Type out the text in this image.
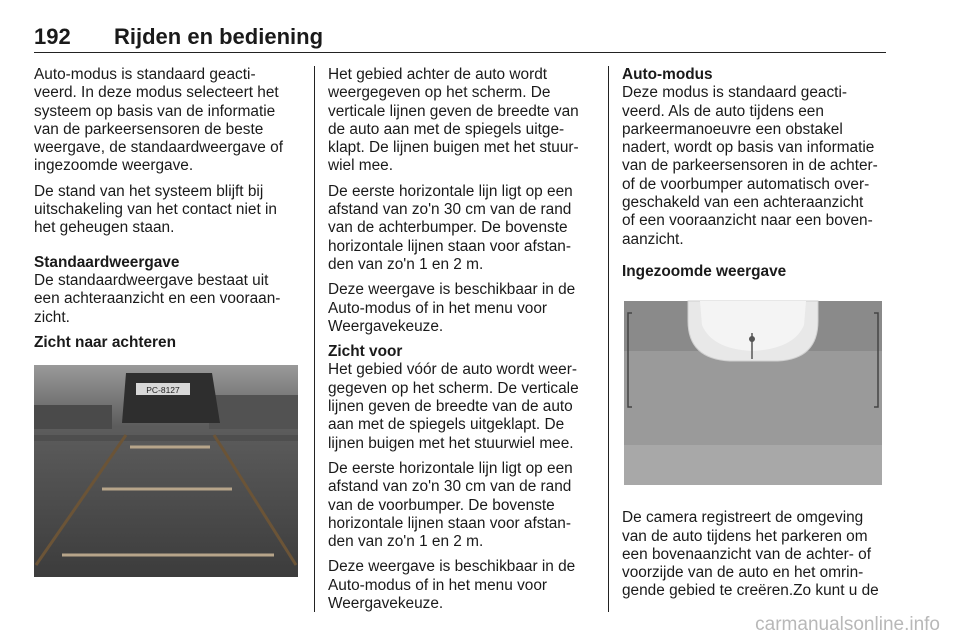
192 Rijden en bediening

Auto-modus is standaard geacti-
veerd. In deze modus selecteert het
systeem op basis van de informatie
van de parkeersensoren de beste
weergave, de standaardweergave of
ingezoomde weergave.

De stand van het systeem blijft bij
uitschakeling van het contact niet in
het geheugen staan.

Standaardweergave

De standaardweergave bestaat uit
een achteraanzicht en een vooraan-
zicht.

Zicht naar achteren

PC-8127

Het gebied achter de auto wordt
weergegeven op het scherm. De
verticale lijnen geven de breedte van
de auto aan met de spiegels uitge-
klapt. De lijnen buigen met het stuur-
wiel mee.

De eerste horizontale lijn ligt op een
afstand van zo'n 30 cm van de rand
van de achterbumper. De bovenste
horizontale lijnen staan voor afstan-
den van zo'n 1 en 2 m.

Deze weergave is beschikbaar in de
Auto-modus of in het menu voor
Weergavekeuze.

Zicht voor

Het gebied vóór de auto wordt weer-
gegeven op het scherm. De verticale
lijnen geven de breedte van de auto
aan met de spiegels uitgeklapt. De
lijnen buigen met het stuurwiel mee.

De eerste horizontale lijn ligt op een
afstand van zo'n 30 cm van de rand
van de voorbumper. De bovenste
horizontale lijnen staan voor afstan-
den van zo'n 1 en 2 m.

Deze weergave is beschikbaar in de
Auto-modus of in het menu voor
Weergavekeuze.

Auto-modus

Deze modus is standaard geacti-
veerd. Als de auto tijdens een
parkeermanoeuvre een obstakel
nadert, wordt op basis van informatie
van de parkeersensoren in de achter-
of de voorbumper automatisch over-
geschakeld van een achteraanzicht
of een vooraanzicht naar een boven-
aanzicht.

Ingezoomde weergave

De camera registreert de omgeving
van de auto tijdens het parkeren om
een bovenaanzicht van de achter- of
voorzijde van de auto en het omrin-
gende gebied te creëren.Zo kunt u de

carmanualsonline.info
